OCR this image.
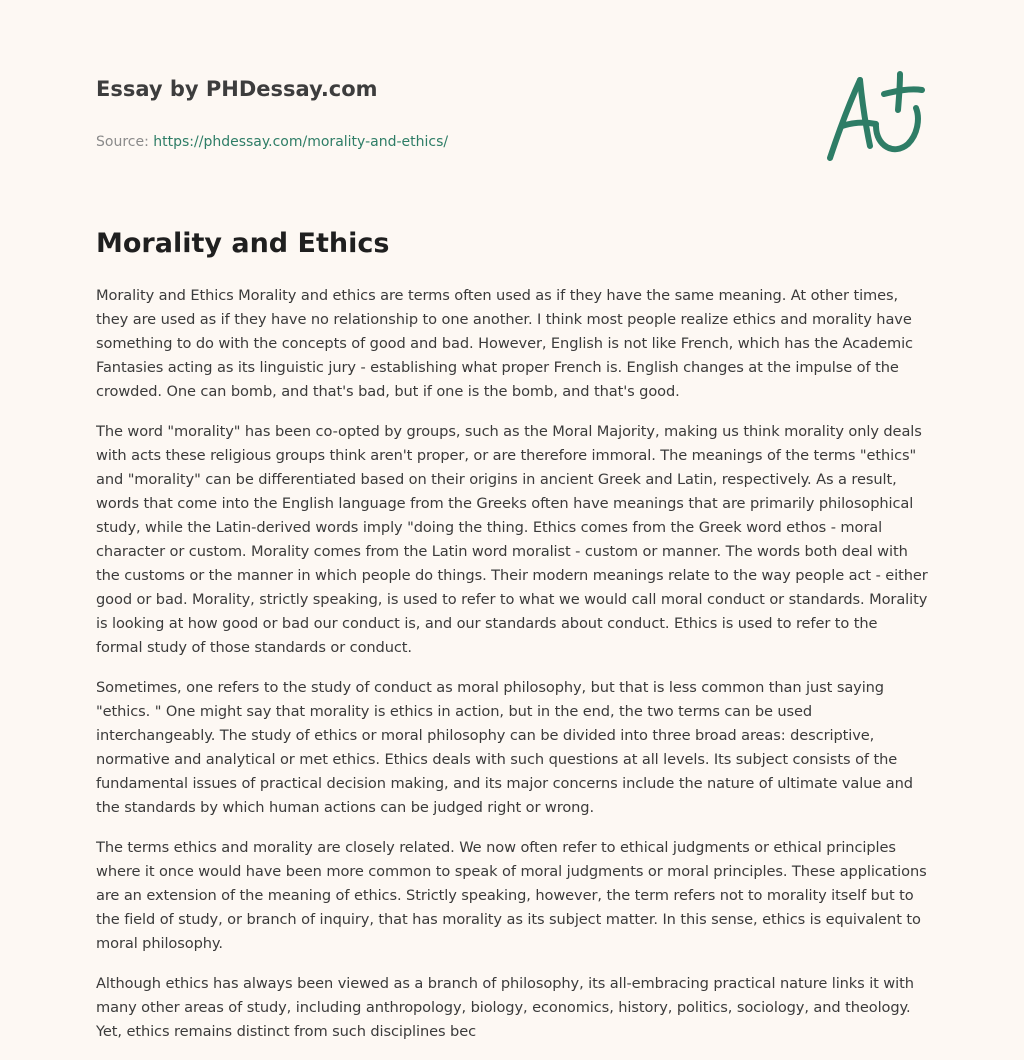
Essay by PHDessay.com
Source: https://phdessay.com/morality-and-ethics/
Morality and Ethics

Morality and Ethics Morality and ethics are terms often used as if they have the same meaning. At other times, they are used as if they have no relationship to one another. I think most people realize ethics and morality have something to do with the concepts of good and bad. However, English is not like French, which has the Academic Fantasies acting as its linguistic jury - establishing what proper French is. English changes at the impulse of the crowded. One can bomb, and that's bad, but if one is the bomb, and that's good.

The word "morality" has been co-opted by groups, such as the Moral Majority, making us think morality only deals with acts these religious groups think aren't proper, or are therefore immoral. The meanings of the terms "ethics" and "morality" can be differentiated based on their origins in ancient Greek and Latin, respectively. As a result, words that come into the English language from the Greeks often have meanings that are primarily philosophical study, while the Latin-derived words imply "doing the thing. Ethics comes from the Greek word ethos - moral character or custom. Morality comes from the Latin word moralist - custom or manner. The words both deal with the customs or the manner in which people do things. Their modern meanings relate to the way people act - either good or bad. Morality, strictly speaking, is used to refer to what we would call moral conduct or standards. Morality is looking at how good or bad our conduct is, and our standards about conduct. Ethics is used to refer to the formal study of those standards or conduct.

Sometimes, one refers to the study of conduct as moral philosophy, but that is less common than just saying "ethics. " One might say that morality is ethics in action, but in the end, the two terms can be used interchangeably. The study of ethics or moral philosophy can be divided into three broad areas: descriptive, normative and analytical or met ethics. Ethics deals with such questions at all levels. Its subject consists of the fundamental issues of practical decision making, and its major concerns include the nature of ultimate value and the standards by which human actions can be judged right or wrong.

The terms ethics and morality are closely related. We now often refer to ethical judgments or ethical principles where it once would have been more common to speak of moral judgments or moral principles. These applications are an extension of the meaning of ethics. Strictly speaking, however, the term refers not to morality itself but to the field of study, or branch of inquiry, that has morality as its subject matter. In this sense, ethics is equivalent to moral philosophy.

Although ethics has always been viewed as a branch of philosophy, its all-embracing practical nature links it with many other areas of study, including anthropology, biology, economics, history, politics, sociology, and theology. Yet, ethics remains distinct from such disciplines bec
